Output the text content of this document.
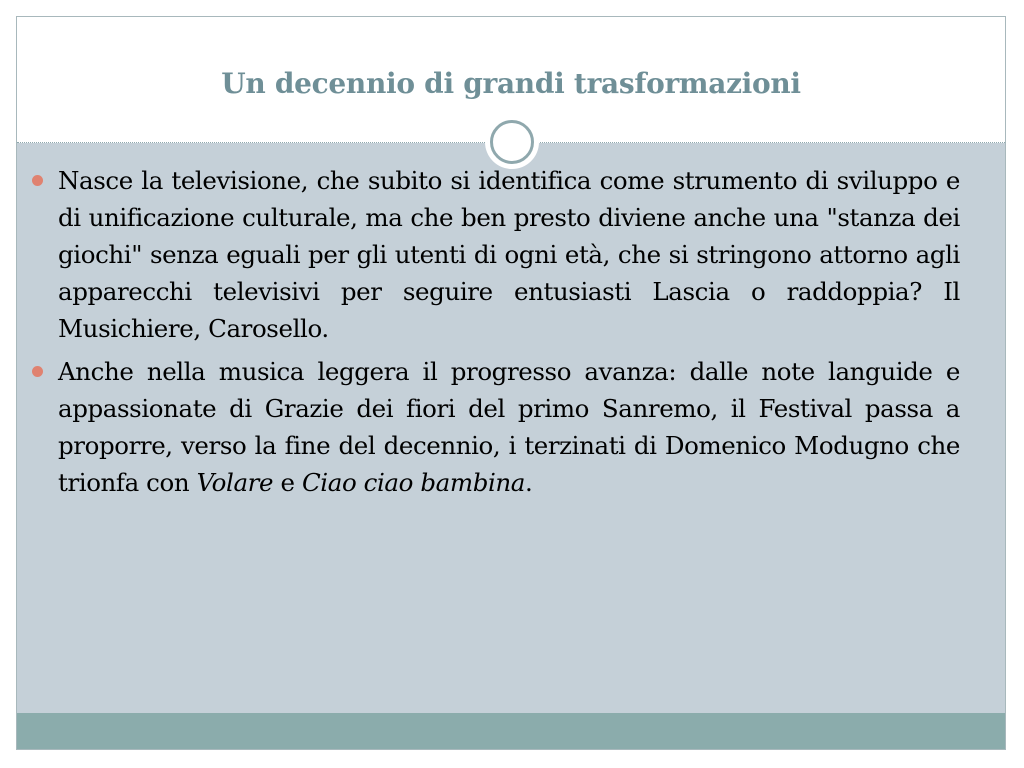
Un decennio di grandi trasformazioni
Nasce la televisione, che subito si identifica come strumento di sviluppo e di unificazione culturale, ma che ben presto diviene anche una "stanza dei giochi" senza eguali per gli utenti di ogni età, che si stringono attorno agli apparecchi televisivi per seguire entusiasti Lascia o raddoppia? Il Musichiere, Carosello.
Anche nella musica leggera il progresso avanza: dalle note languide e appassionate di Grazie dei fiori del primo Sanremo, il Festival passa a proporre, verso la fine del decennio, i terzinati di Domenico Modugno che trionfa con Volare e Ciao ciao bambina.
